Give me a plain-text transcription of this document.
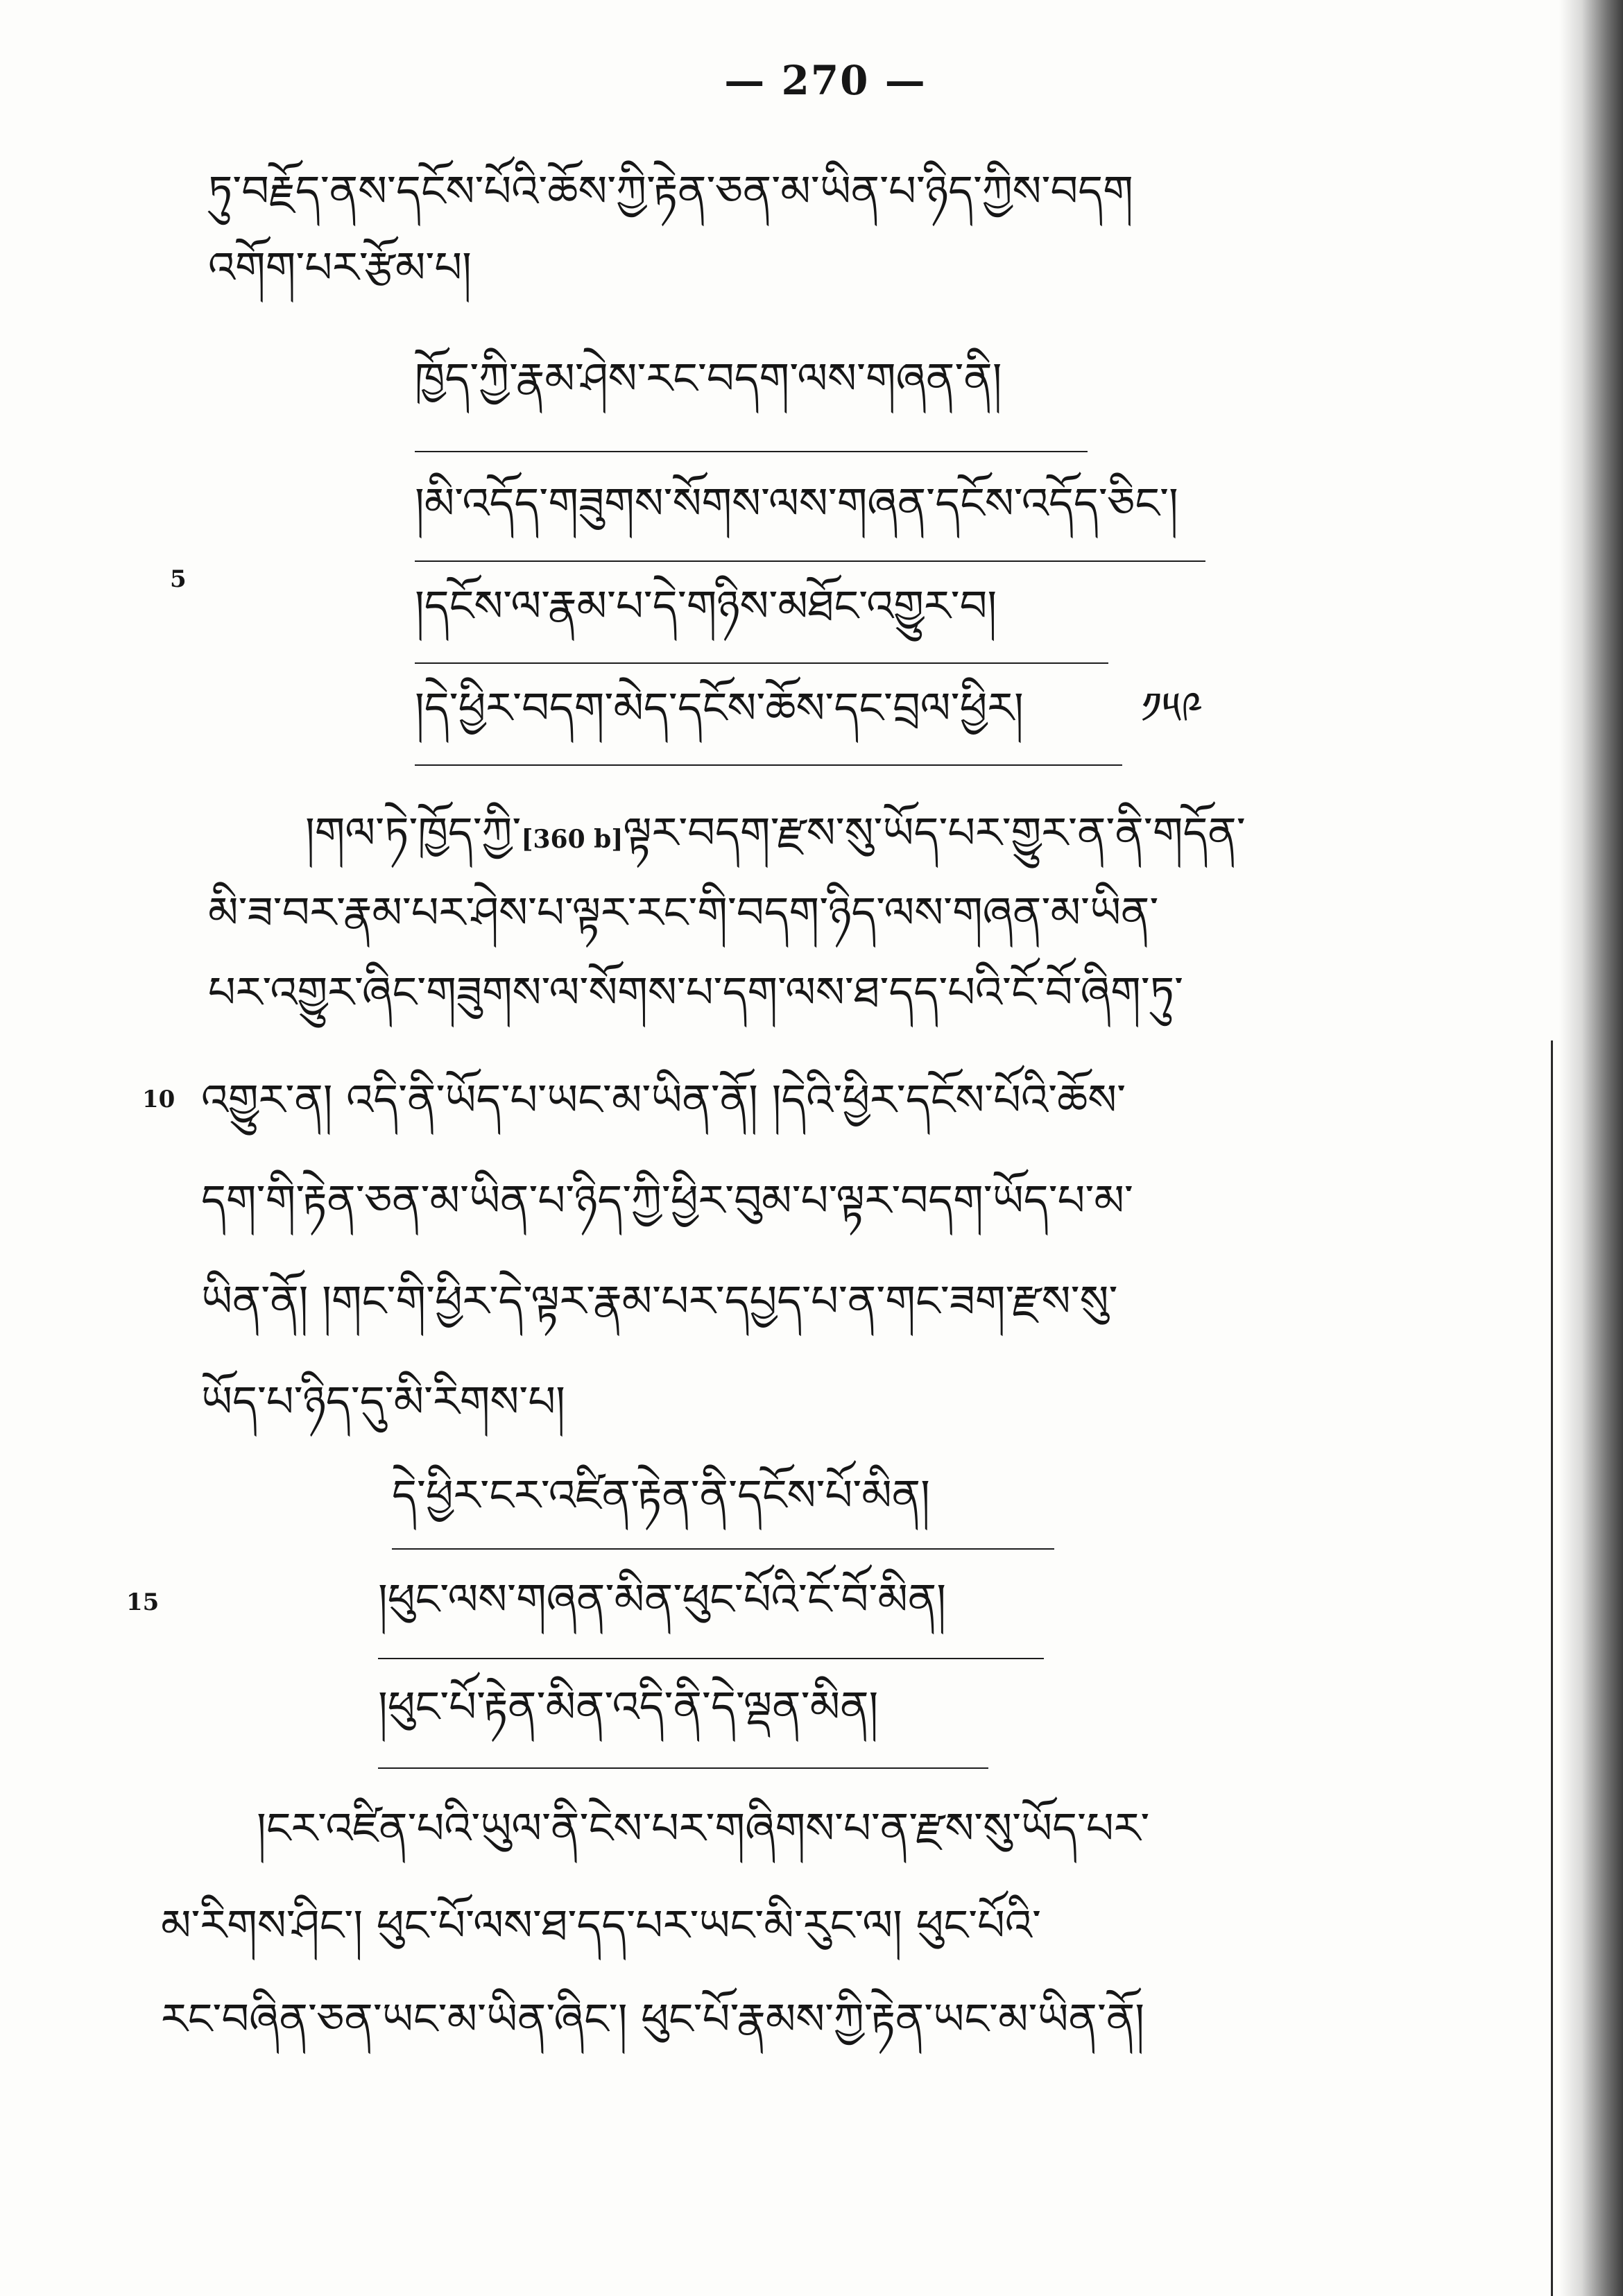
— 270 —
ཏུ་བརྗོད་ནས་དངོས་པོའི་ཆོས་ཀྱི་རྟེན་ཅན་མ་ཡིན་པ་ཉིད་ཀྱིས་བདག
འགོག་པར་རྩོམ་པ།
ཁྱོད་ཀྱི་རྣམ་ཤེས་རང་བདག་ལས་གཞན་ནི།
།མི་འདོད་གཟུགས་སོགས་ལས་གཞན་དངོས་འདོད་ཅིང་།
5
།དངོས་ལ་རྣམ་པ་དེ་གཉིས་མཐོང་འགྱུར་བ།
།དེ་ཕྱིར་བདག་མེད་དངོས་ཆོས་དང་བྲལ་ཕྱིར།	༡༥༩
།གལ་ཏེ་ཁྱོད་ཀྱི་[360 b]ལྟར་བདག་རྫས་སུ་ཡོད་པར་གྱུར་ན་ནི་གདོན་
མི་ཟ་བར་རྣམ་པར་ཤེས་པ་ལྟར་རང་གི་བདག་ཉིད་ལས་གཞན་མ་ཡིན་
པར་འགྱུར་ཞིང་གཟུགས་ལ་སོགས་པ་དག་ལས་ཐ་དད་པའི་ངོ་བོ་ཞིག་ཏུ་
10 འགྱུར་ན། འདི་ནི་ཡོད་པ་ཡང་མ་ཡིན་ནོ། །དེའི་ཕྱིར་དངོས་པོའི་ཆོས་
དག་གི་རྟེན་ཅན་མ་ཡིན་པ་ཉིད་ཀྱི་ཕྱིར་བུམ་པ་ལྟར་བདག་ཡོད་པ་མ་
ཡིན་ནོ། །གང་གི་ཕྱིར་དེ་ལྟར་རྣམ་པར་དཔྱད་པ་ན་གང་ཟག་རྫས་སུ་
ཡོད་པ་ཉིད་དུ་མི་རིགས་པ།
དེ་ཕྱིར་ངར་འཛིན་རྟེན་ནི་དངོས་པོ་མིན།
15	།ཕུང་ལས་གཞན་མིན་ཕུང་པོའི་ངོ་བོ་མིན།
།ཕུང་པོ་རྟེན་མིན་འདི་ནི་དེ་ལྡན་མིན།
།ངར་འཛིན་པའི་ཡུལ་ནི་ངེས་པར་གཞིགས་པ་ན་རྫས་སུ་ཡོད་པར་
མ་རིགས་ཤིང་། ཕུང་པོ་ལས་ཐ་དད་པར་ཡང་མི་རུང་ལ། ཕུང་པོའི་
རང་བཞིན་ཅན་ཡང་མ་ཡིན་ཞིང་། ཕུང་པོ་རྣམས་ཀྱི་རྟེན་ཡང་མ་ཡིན་ནོ།
